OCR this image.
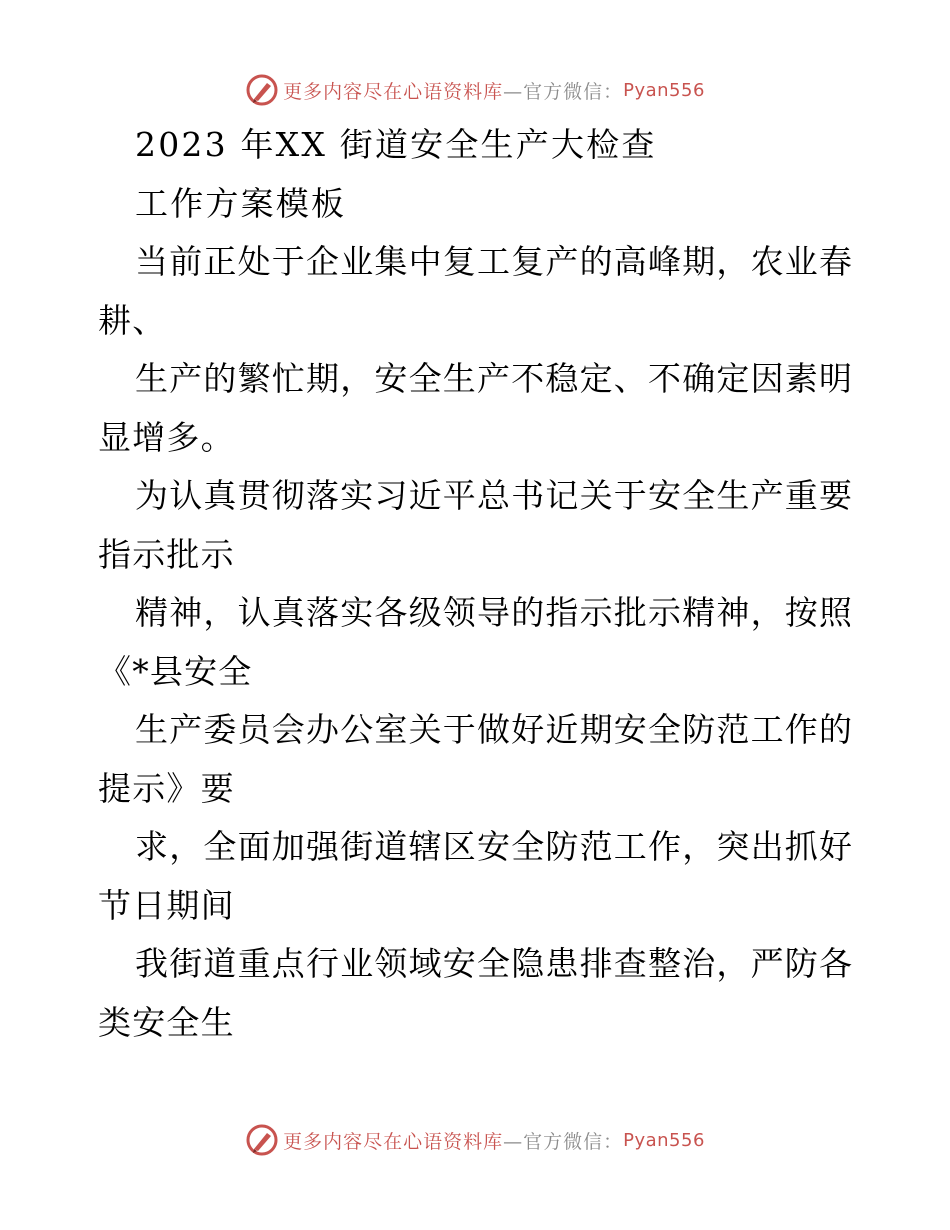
更多内容尽在心语资料库 —官方微信： Pyan556
2023 年XX 街道安全生产大检查
工作方案模板
当前正处于企业集中复工复产的高峰期，农业春
耕、
生产的繁忙期，安全生产不稳定、不确定因素明
显增多。
为认真贯彻落实习近平总书记关于安全生产重要
指示批示
精神，认真落实各级领导的指示批示精神，按照
《*县安全
生产委员会办公室关于做好近期安全防范工作的
提示》要
求，全面加强街道辖区安全防范工作，突出抓好
节日期间
我街道重点行业领域安全隐患排查整治，严防各
类安全生
更多内容尽在心语资料库 —官方微信： Pyan556
